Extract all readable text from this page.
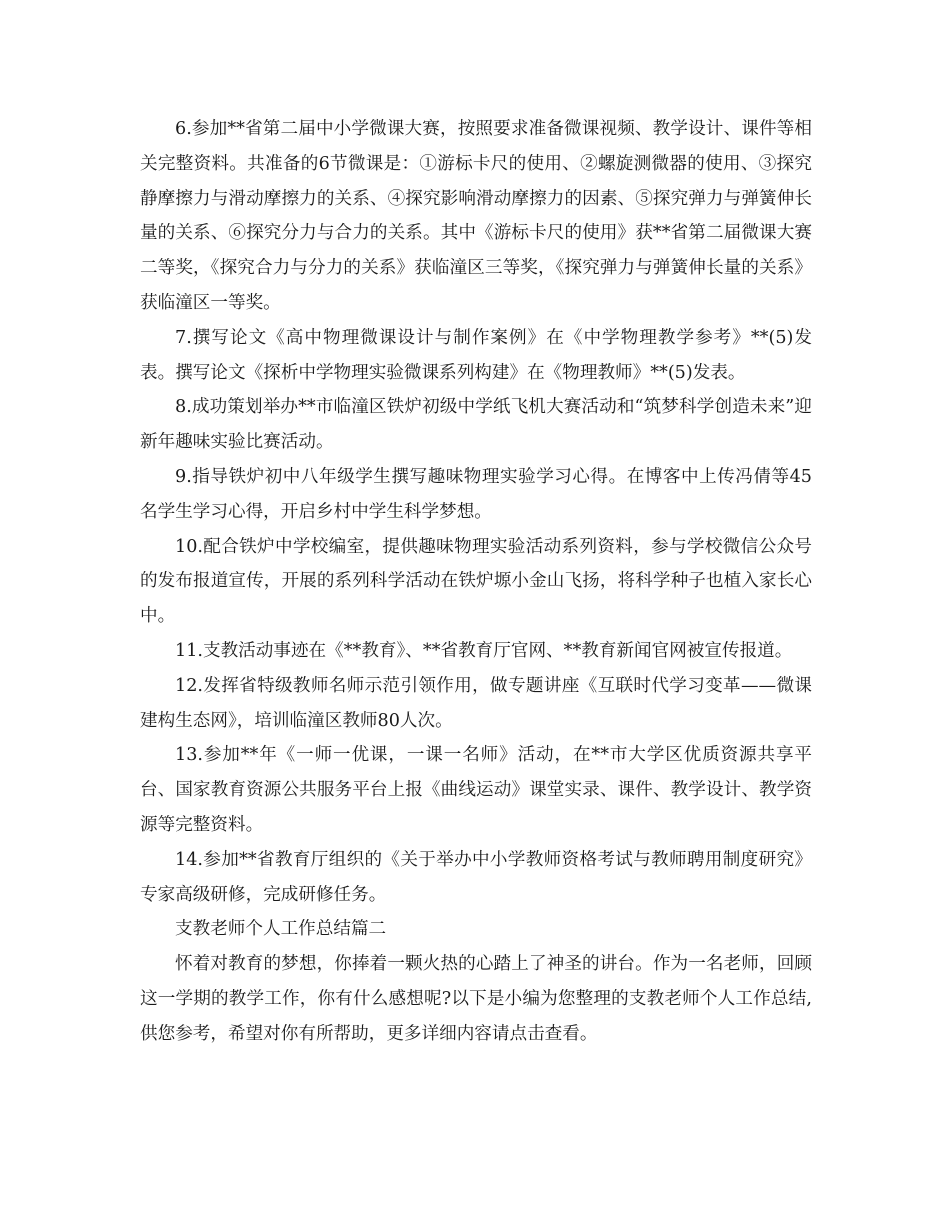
6.参加**省第二届中小学微课大赛，按照要求准备微课视频、教学设计、课件等相关完整资料。共准备的6节微课是：①游标卡尺的使用、②螺旋测微器的使用、③探究静摩擦力与滑动摩擦力的关系、④探究影响滑动摩擦力的因素、⑤探究弹力与弹簧伸长量的关系、⑥探究分力与合力的关系。其中《游标卡尺的使用》获**省第二届微课大赛二等奖，《探究合力与分力的关系》获临潼区三等奖，《探究弹力与弹簧伸长量的关系》获临潼区一等奖。

7.撰写论文《高中物理微课设计与制作案例》在《中学物理教学参考》**(5)发表。撰写论文《探析中学物理实验微课系列构建》在《物理教师》**(5)发表。

8.成功策划举办**市临潼区铁炉初级中学纸飞机大赛活动和“筑梦科学创造未来”迎新年趣味实验比赛活动。

9.指导铁炉初中八年级学生撰写趣味物理实验学习心得。在博客中上传冯倩等45名学生学习心得，开启乡村中学生科学梦想。

10.配合铁炉中学校编室，提供趣味物理实验活动系列资料，参与学校微信公众号的发布报道宣传，开展的系列科学活动在铁炉塬小金山飞扬，将科学种子也植入家长心中。

11.支教活动事迹在《**教育》、**省教育厅官网、**教育新闻官网被宣传报道。

12.发挥省特级教师名师示范引领作用，做专题讲座《互联时代学习变革——微课建构生态网》，培训临潼区教师80人次。

13.参加**年《一师一优课，一课一名师》活动，在**市大学区优质资源共享平台、国家教育资源公共服务平台上报《曲线运动》课堂实录、课件、教学设计、教学资源等完整资料。

14.参加**省教育厅组织的《关于举办中小学教师资格考试与教师聘用制度研究》专家高级研修，完成研修任务。

支教老师个人工作总结篇二

怀着对教育的梦想，你捧着一颗火热的心踏上了神圣的讲台。作为一名老师，回顾这一学期的教学工作，你有什么感想呢?以下是小编为您整理的支教老师个人工作总结,供您参考，希望对你有所帮助，更多详细内容请点击查看。
